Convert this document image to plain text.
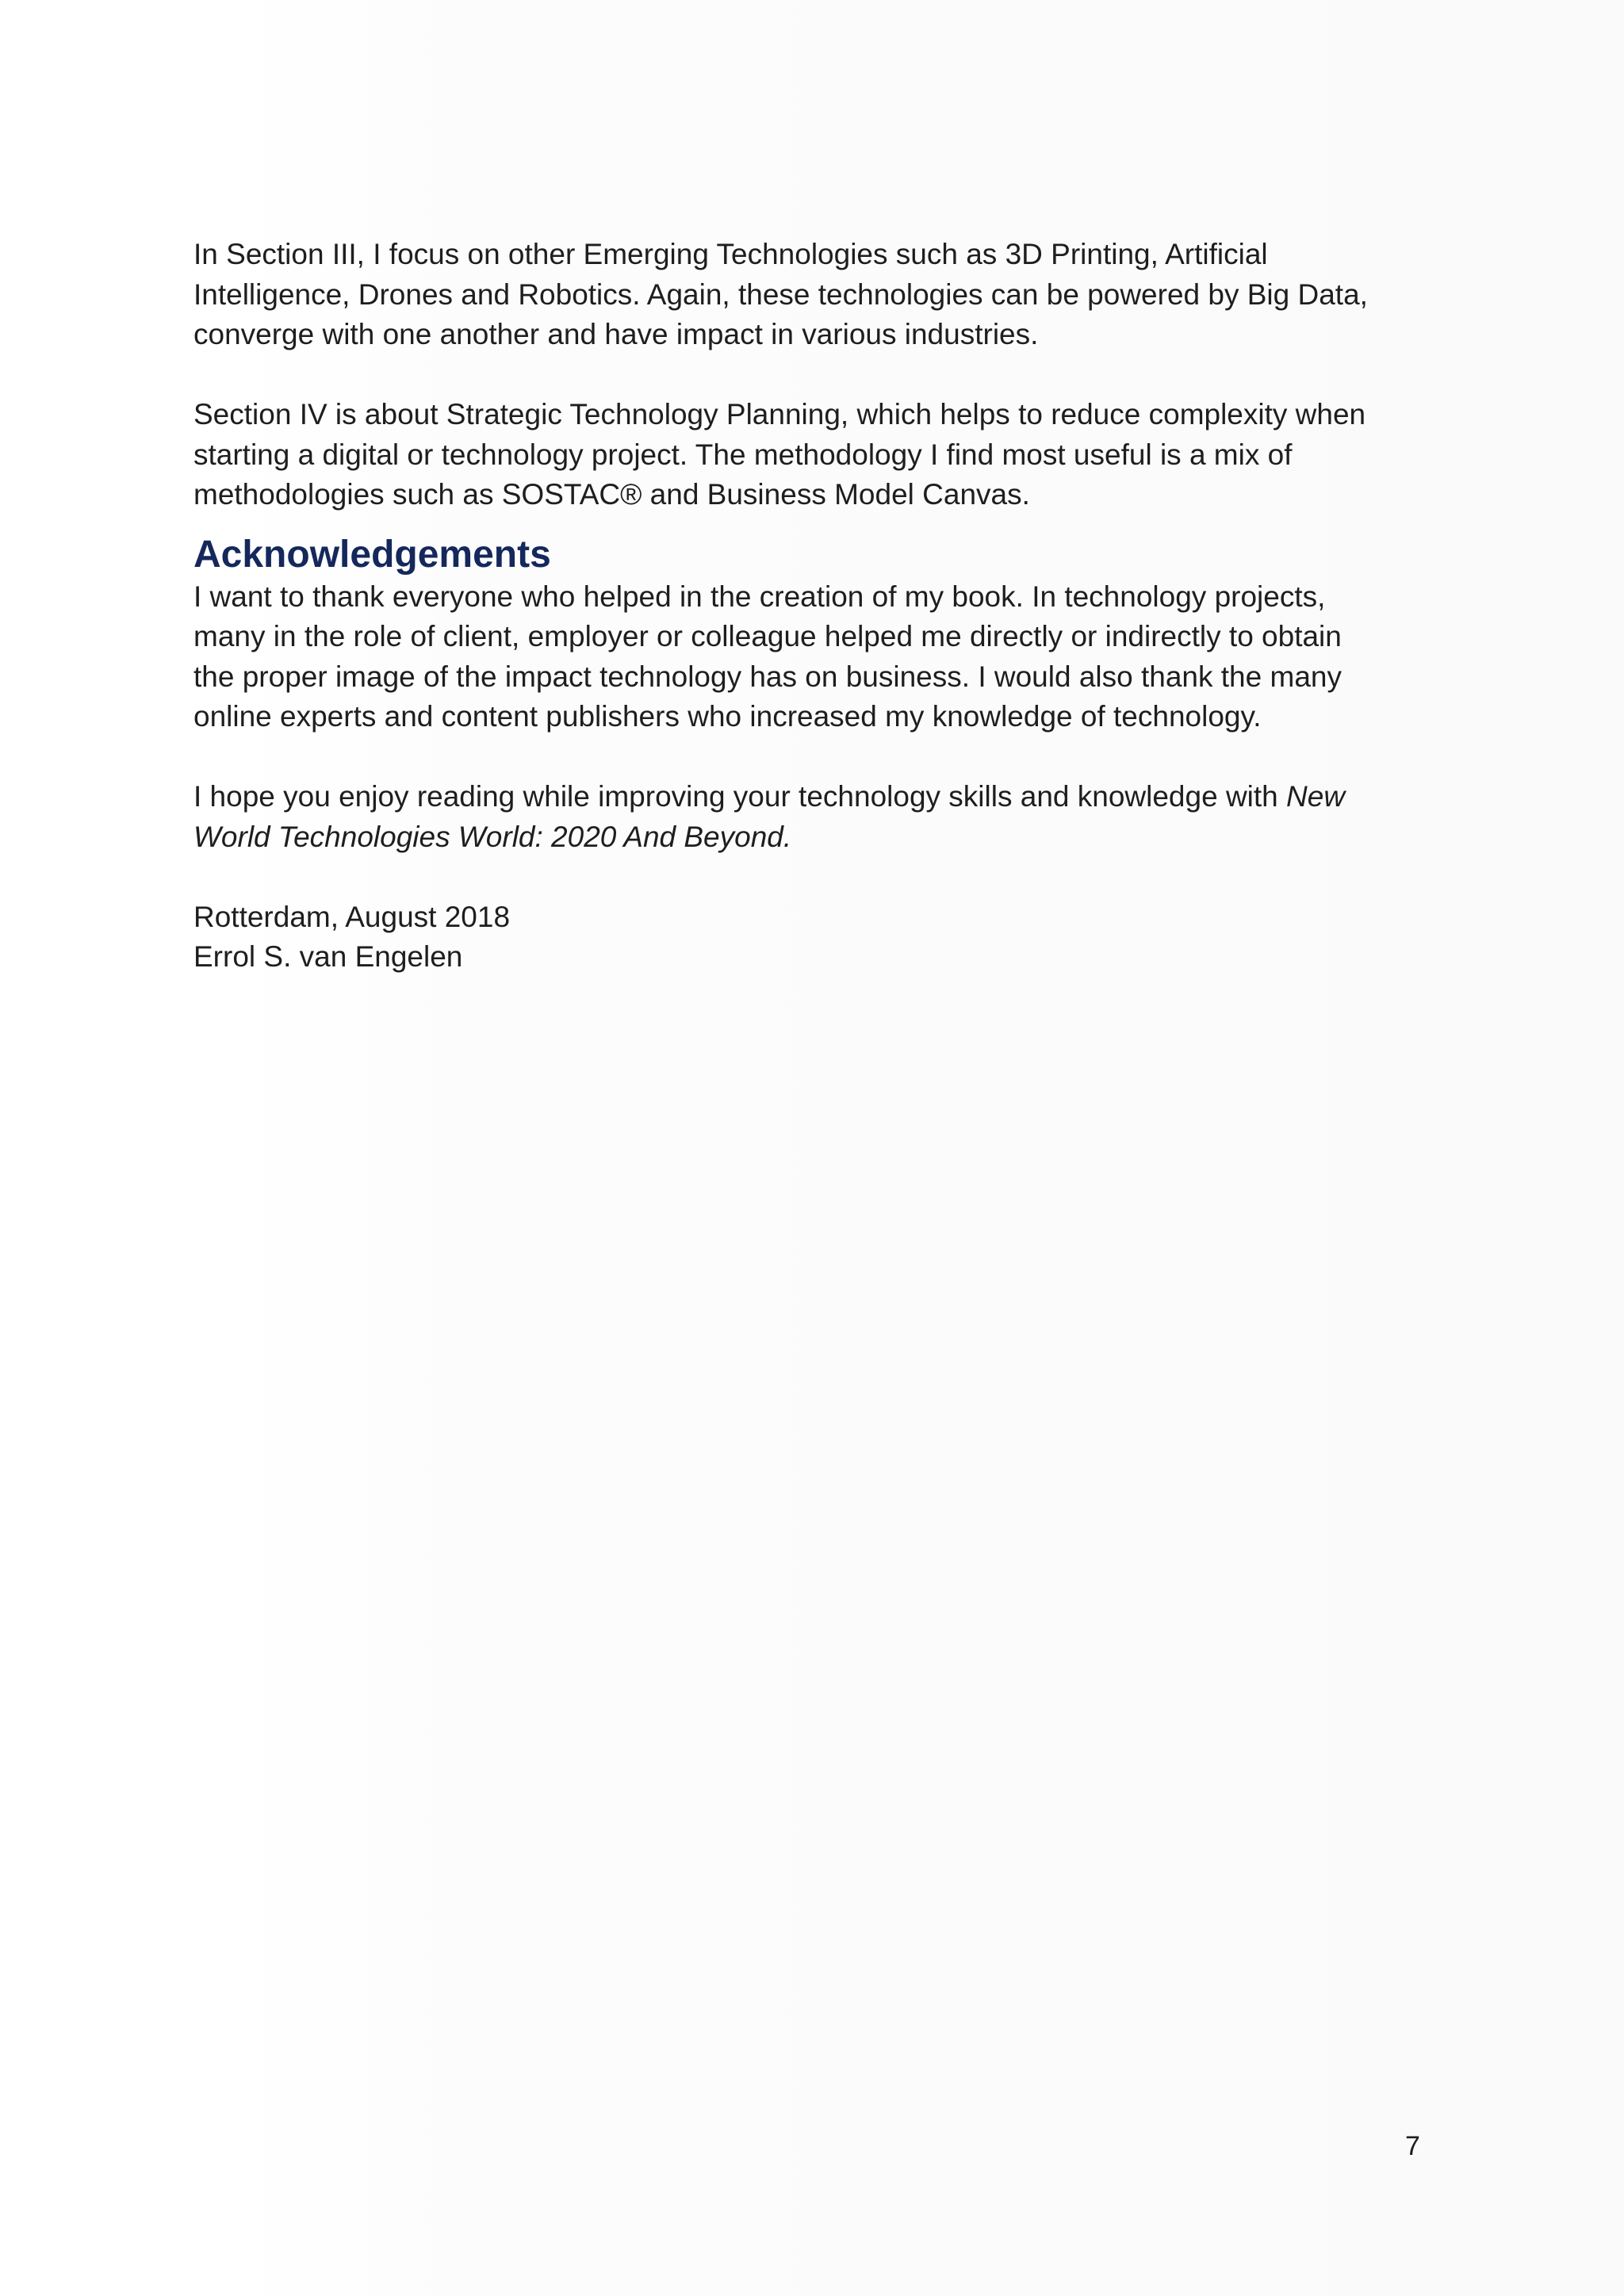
In Section III, I focus on other Emerging Technologies such as 3D Printing, Artificial
Intelligence, Drones and Robotics. Again, these technologies can be powered by Big Data,
converge with one another and have impact in various industries.

Section IV is about Strategic Technology Planning, which helps to reduce complexity when
starting a digital or technology project. The methodology I find most useful is a mix of
methodologies such as SOSTAC® and Business Model Canvas.

Acknowledgements

I want to thank everyone who helped in the creation of my book. In technology projects,
many in the role of client, employer or colleague helped me directly or indirectly to obtain
the proper image of the impact technology has on business. I would also thank the many
online experts and content publishers who increased my knowledge of technology.

I hope you enjoy reading while improving your technology skills and knowledge with New
World Technologies World: 2020 And Beyond.

Rotterdam, August 2018
Errol S. van Engelen

7
